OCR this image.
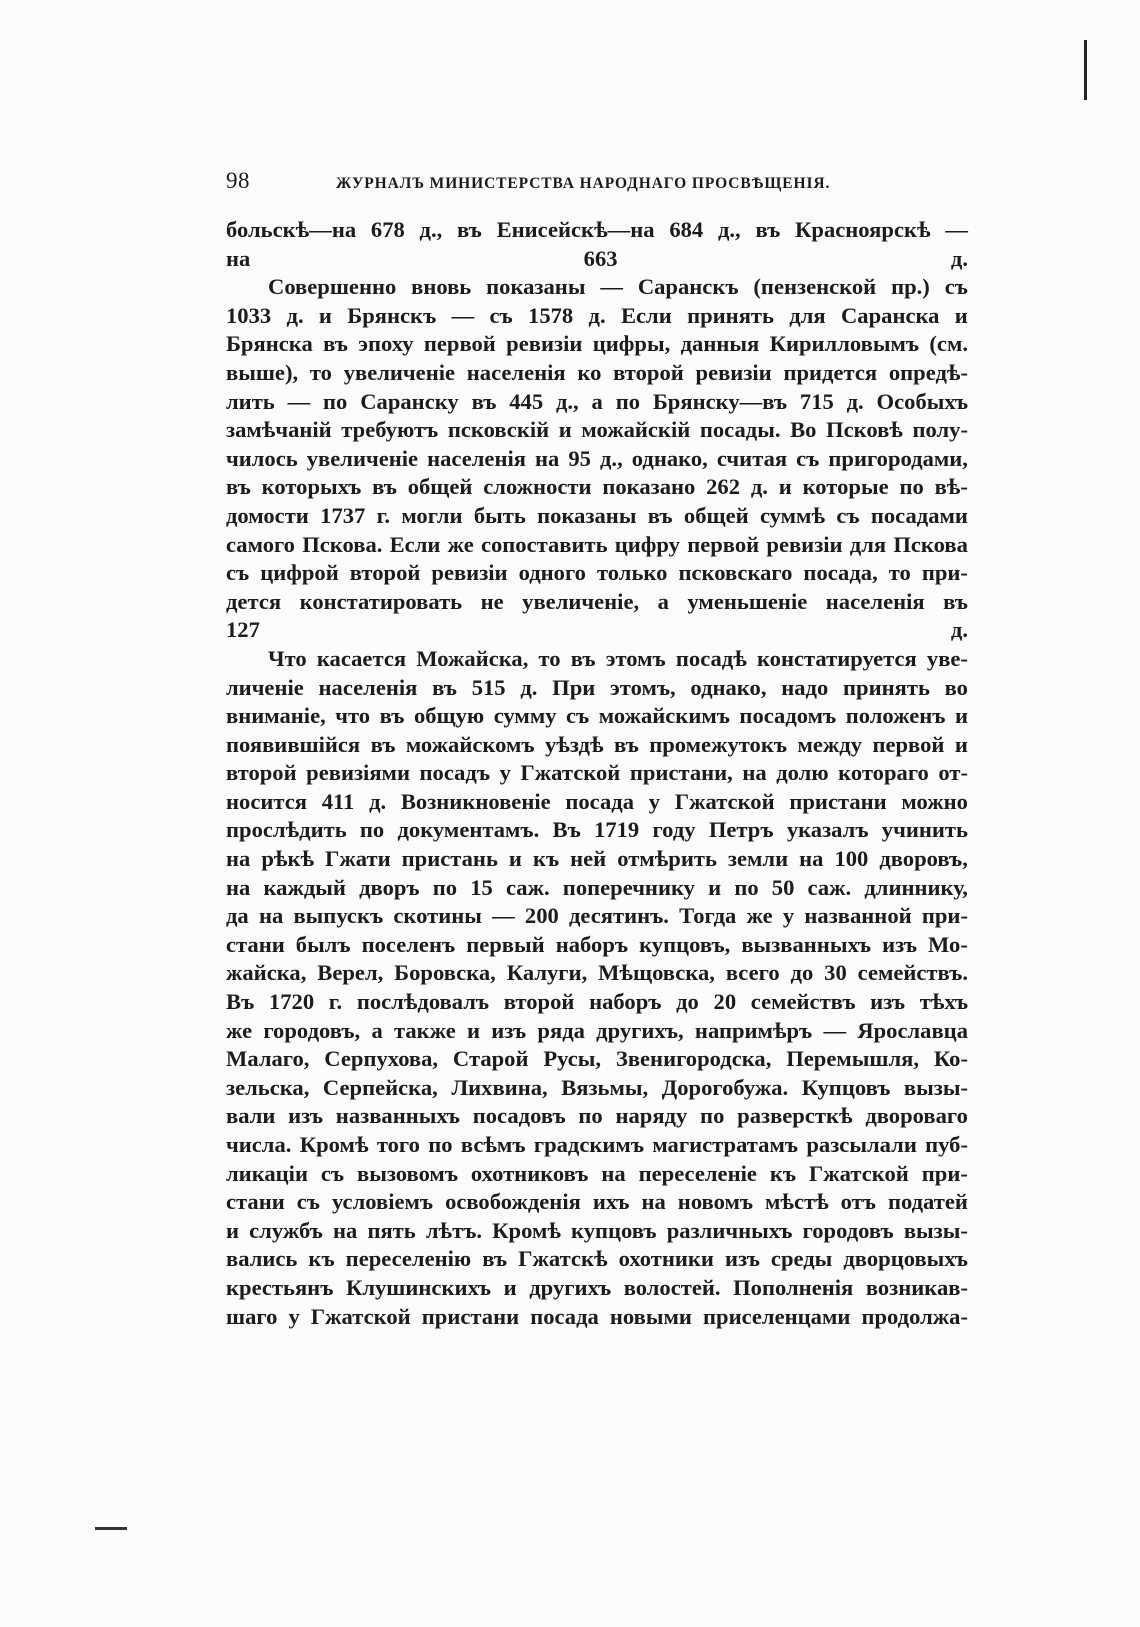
98	ЖУРНАЛЪ МИНИСТЕРСТВА НАРОДНАГО ПРОСВѢЩЕНІЯ.
больскѣ—на 678 д., въ Енисейскѣ—на 684 д., въ Красноярскѣ —
на 663 д.
Совершенно вновь показаны — Саранскъ (пензенской пр.) съ
1033 д. и Брянскъ — съ 1578 д. Если принять для Саранска и
Брянска въ эпоху первой ревизіи цифры, данныя Кирилловымъ (см.
выше), то увеличеніе населенія ко второй ревизіи придется опредѣ-
лить — по Саранску въ 445 д., а по Брянску—въ 715 д. Особыхъ
замѣчаній требуютъ псковскій и можайскій посады. Во Псковѣ полу-
чилось увеличеніе населенія на 95 д., однако, считая съ пригородами,
въ которыхъ въ общей сложности показано 262 д. и которые по вѣ-
домости 1737 г. могли быть показаны въ общей суммѣ съ посадами
самого Пскова. Если же сопоставить цифру первой ревизіи для Пскова
съ цифрой второй ревизіи одного только псковскаго посада, то при-
дется констатировать не увеличеніе, а уменьшеніе населенія въ
127 д.
Что касается Можайска, то въ этомъ посадѣ констатируется уве-
личеніе населенія въ 515 д. При этомъ, однако, надо принять во
вниманіе, что въ общую сумму съ можайскимъ посадомъ положенъ и
появившійся въ можайскомъ уѣздѣ въ промежутокъ между первой и
второй ревизіями посадъ у Гжатской пристани, на долю котораго от-
носится 411 д. Возникновеніе посада у Гжатской пристани можно
прослѣдить по документамъ. Въ 1719 году Петръ указалъ учинить
на рѣкѣ Гжати пристань и къ ней отмѣрить земли на 100 дворовъ,
на каждый дворъ по 15 саж. поперечнику и по 50 саж. длиннику,
да на выпускъ скотины — 200 десятинъ. Тогда же у названной при-
стани былъ поселенъ первый наборъ купцовъ, вызванныхъ изъ Мо-
жайска, Верел, Боровска, Калуги, Мѣщовска, всего до 30 семействъ.
Въ 1720 г. послѣдовалъ второй наборъ до 20 семействъ изъ тѣхъ
же городовъ, а также и изъ ряда другихъ, напримѣръ — Ярославца
Малаго, Серпухова, Старой Русы, Звенигородска, Перемышля, Ко-
зельска, Серпейска, Лихвина, Вязьмы, Дорогобужа. Купцовъ вызы-
вали изъ названныхъ посадовъ по наряду по разверсткѣ двороваго
числа. Кромѣ того по всѣмъ градскимъ магистратамъ разсылали пуб-
ликаціи съ вызовомъ охотниковъ на переселеніе къ Гжатской при-
стани съ условіемъ освобожденія ихъ на новомъ мѣстѣ отъ податей
и службъ на пять лѣтъ. Кромѣ купцовъ различныхъ городовъ вызы-
вались къ переселенію въ Гжатскѣ охотники изъ среды дворцовыхъ
крестьянъ Клушинскихъ и другихъ волостей. Пополненія возникав-
шаго у Гжатской пристани посада новыми приселенцами продолжа-
